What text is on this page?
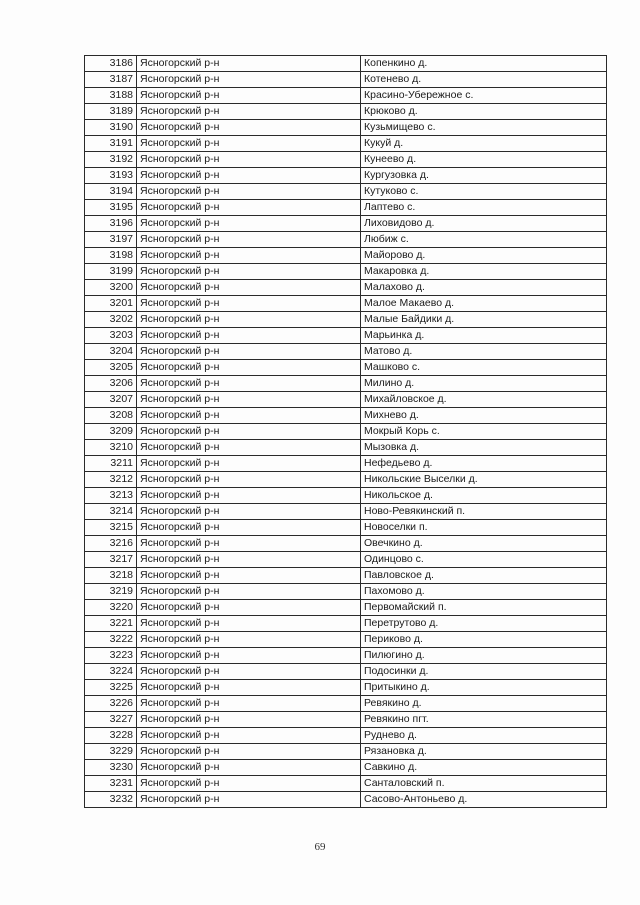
3186	Ясногорский р-н	Копенкино д.
3187	Ясногорский р-н	Котенево д.
3188	Ясногорский р-н	Красино-Убережное с.
3189	Ясногорский р-н	Крюково д.
3190	Ясногорский р-н	Кузьмищево с.
3191	Ясногорский р-н	Кукуй д.
3192	Ясногорский р-н	Кунеево д.
3193	Ясногорский р-н	Кургузовка д.
3194	Ясногорский р-н	Кутуково с.
3195	Ясногорский р-н	Лаптево с.
3196	Ясногорский р-н	Лиховидово д.
3197	Ясногорский р-н	Любиж с.
3198	Ясногорский р-н	Майорово д.
3199	Ясногорский р-н	Макаровка д.
3200	Ясногорский р-н	Малахово д.
3201	Ясногорский р-н	Малое Макаево д.
3202	Ясногорский р-н	Малые Байдики д.
3203	Ясногорский р-н	Марьинка д.
3204	Ясногорский р-н	Матово д.
3205	Ясногорский р-н	Машково с.
3206	Ясногорский р-н	Милино д.
3207	Ясногорский р-н	Михайловское д.
3208	Ясногорский р-н	Михнево д.
3209	Ясногорский р-н	Мокрый Корь с.
3210	Ясногорский р-н	Мызовка д.
3211	Ясногорский р-н	Нефедьево д.
3212	Ясногорский р-н	Никольские Выселки д.
3213	Ясногорский р-н	Никольское д.
3214	Ясногорский р-н	Ново-Ревякинский п.
3215	Ясногорский р-н	Новоселки п.
3216	Ясногорский р-н	Овечкино д.
3217	Ясногорский р-н	Одинцово с.
3218	Ясногорский р-н	Павловское д.
3219	Ясногорский р-н	Пахомово д.
3220	Ясногорский р-н	Первомайский п.
3221	Ясногорский р-н	Перетрутово д.
3222	Ясногорский р-н	Периково д.
3223	Ясногорский р-н	Пилюгино д.
3224	Ясногорский р-н	Подосинки д.
3225	Ясногорский р-н	Притыкино д.
3226	Ясногорский р-н	Ревякино д.
3227	Ясногорский р-н	Ревякино пгт.
3228	Ясногорский р-н	Руднево д.
3229	Ясногорский р-н	Рязановка д.
3230	Ясногорский р-н	Савкино д.
3231	Ясногорский р-н	Санталовский п.
3232	Ясногорский р-н	Сасово-Антоньево д.
69
